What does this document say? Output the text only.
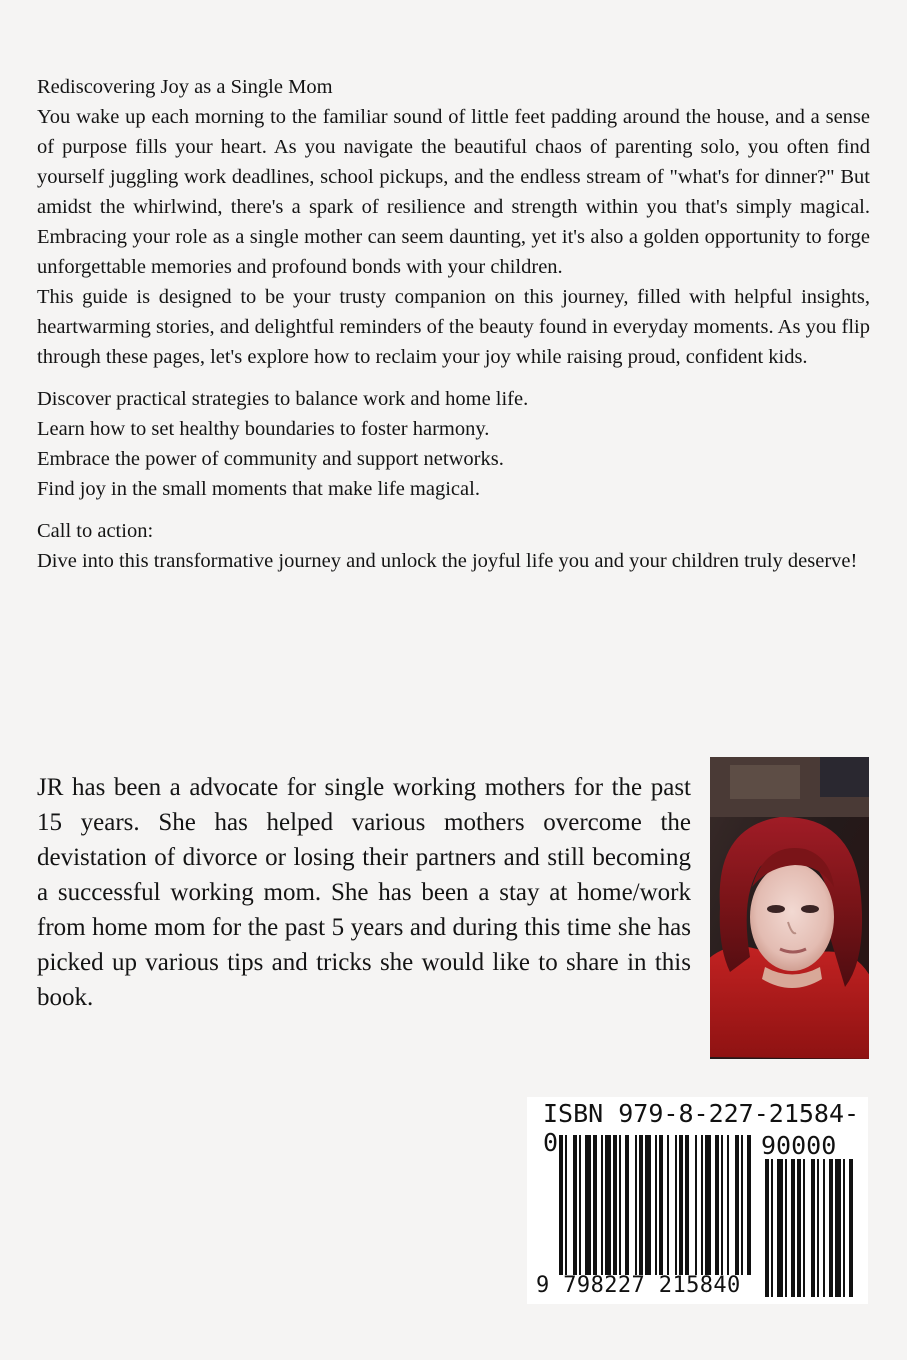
Rediscovering Joy as a Single Mom

You wake up each morning to the familiar sound of little feet padding around the house, and a sense of purpose fills your heart. As you navigate the beautiful chaos of parenting solo, you often find yourself juggling work deadlines, school pickups, and the endless stream of "what's for dinner?" But amidst the whirlwind, there's a spark of resilience and strength within you that's simply magical. Embracing your role as a single mother can seem daunting, yet it's also a golden opportunity to forge unforgettable memories and profound bonds with your children.

This guide is designed to be your trusty companion on this journey, filled with helpful insights, heartwarming stories, and delightful reminders of the beauty found in everyday moments. As you flip through these pages, let's explore how to reclaim your joy while raising proud, confident kids.

Discover practical strategies to balance work and home life.

Learn how to set healthy boundaries to foster harmony.

Embrace the power of community and support networks.

Find joy in the small moments that make life magical.

Call to action:

Dive into this transformative journey and unlock the joyful life you and your children truly deserve!

JR has been a advocate for single working mothers for the past 15 years. She has helped various mothers overcome the devistation of divorce or losing their partners and still becoming a successful working mom. She has been a stay at home/work from home mom for the past 5 years and during this time she has picked up various tips and tricks she would like to share in this book.
ISBN 979-8-227-21584-0	90000
9 798227 215840
